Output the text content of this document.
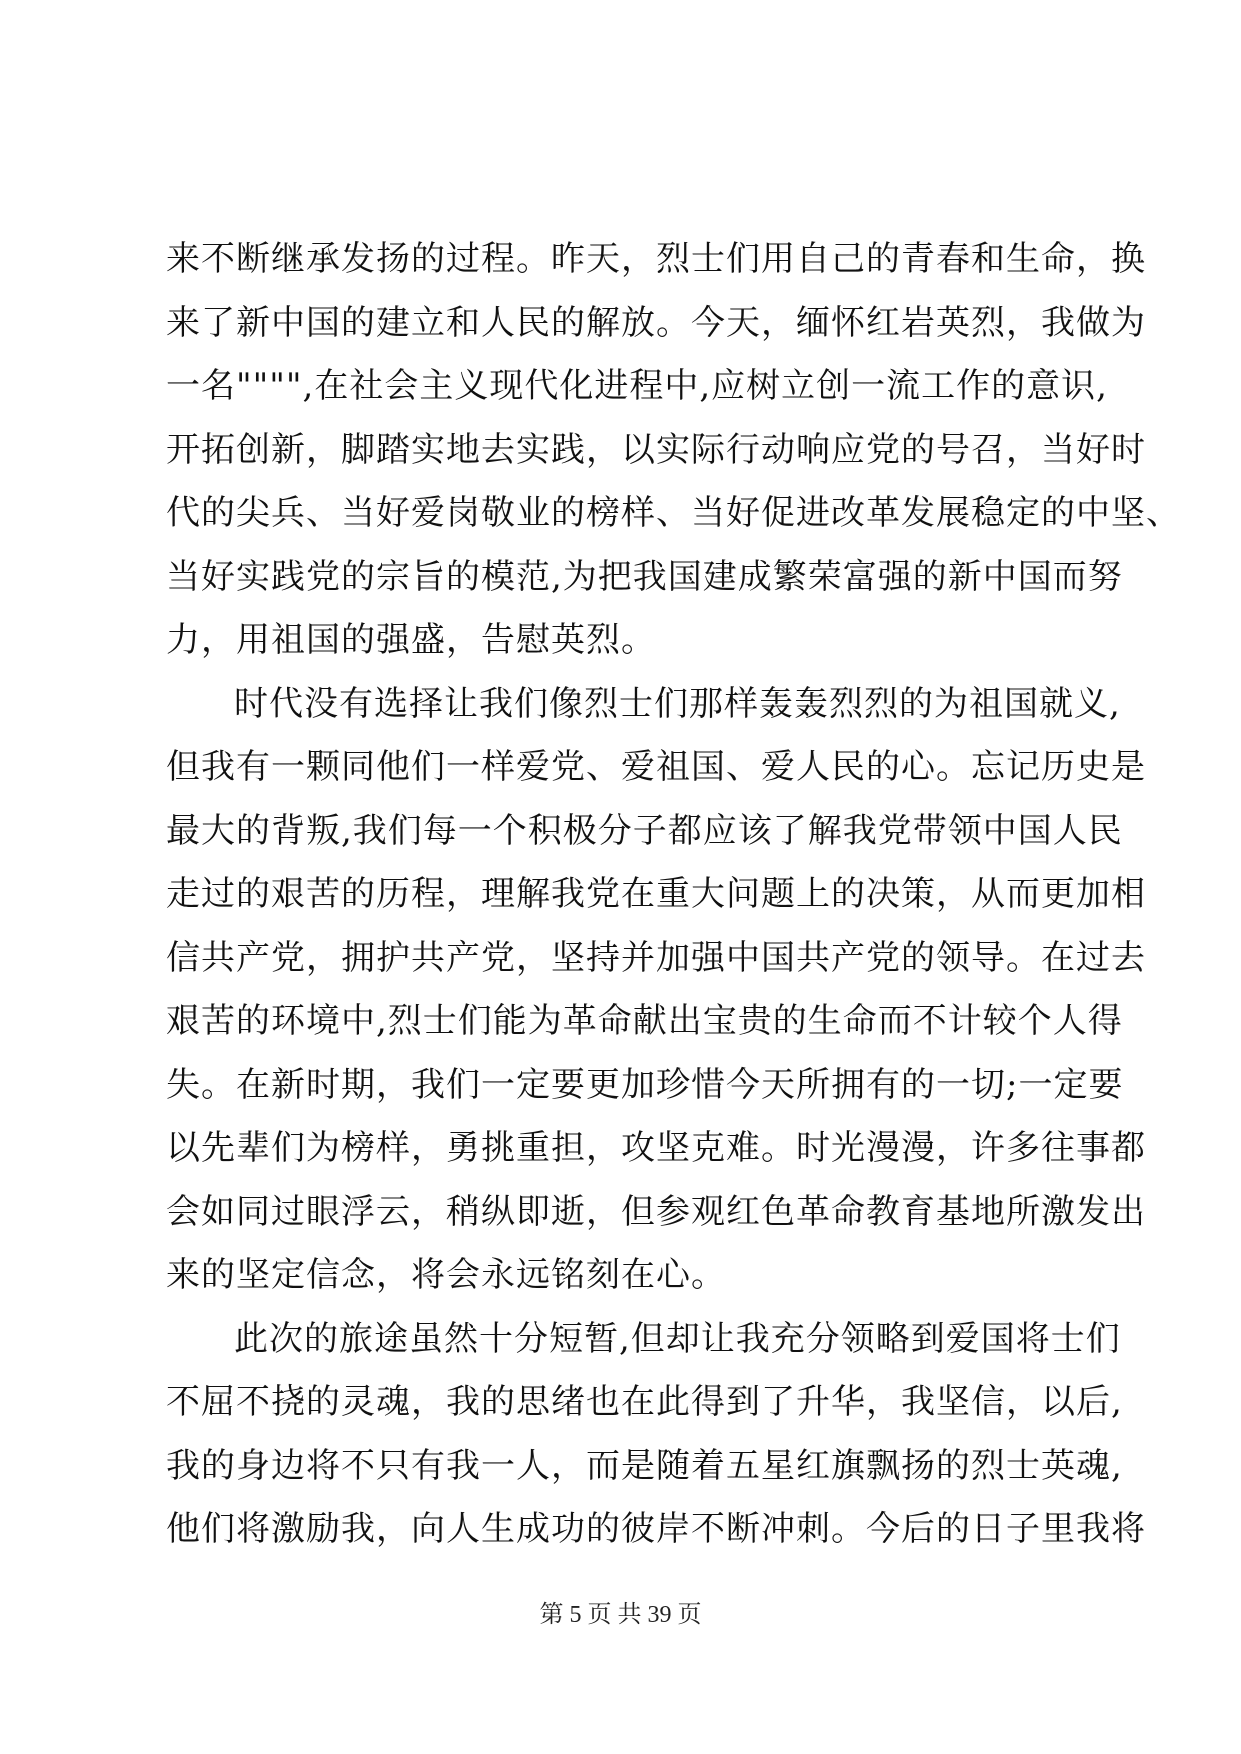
来不断继承发扬的过程。昨天，烈士们用自己的青春和生命，换
来了新中国的建立和人民的解放。今天，缅怀红岩英烈，我做为
一名"""",在社会主义现代化进程中,应树立创一流工作的意识,
开拓创新，脚踏实地去实践，以实际行动响应党的号召，当好时
代的尖兵、当好爱岗敬业的榜样、当好促进改革发展稳定的中坚、
当好实践党的宗旨的模范,为把我国建成繁荣富强的新中国而努
力，用祖国的强盛，告慰英烈。
时代没有选择让我们像烈士们那样轰轰烈烈的为祖国就义,
但我有一颗同他们一样爱党、爱祖国、爱人民的心。忘记历史是
最大的背叛,我们每一个积极分子都应该了解我党带领中国人民
走过的艰苦的历程，理解我党在重大问题上的决策，从而更加相
信共产党，拥护共产党，坚持并加强中国共产党的领导。在过去
艰苦的环境中,烈士们能为革命献出宝贵的生命而不计较个人得
失。在新时期，我们一定要更加珍惜今天所拥有的一切;一定要
以先辈们为榜样，勇挑重担，攻坚克难。时光漫漫，许多往事都
会如同过眼浮云，稍纵即逝，但参观红色革命教育基地所激发出
来的坚定信念，将会永远铭刻在心。
此次的旅途虽然十分短暂,但却让我充分领略到爱国将士们
不屈不挠的灵魂，我的思绪也在此得到了升华，我坚信，以后,
我的身边将不只有我一人，而是随着五星红旗飘扬的烈士英魂,
他们将激励我，向人生成功的彼岸不断冲刺。今后的日子里我将
第 5 页 共 39 页
